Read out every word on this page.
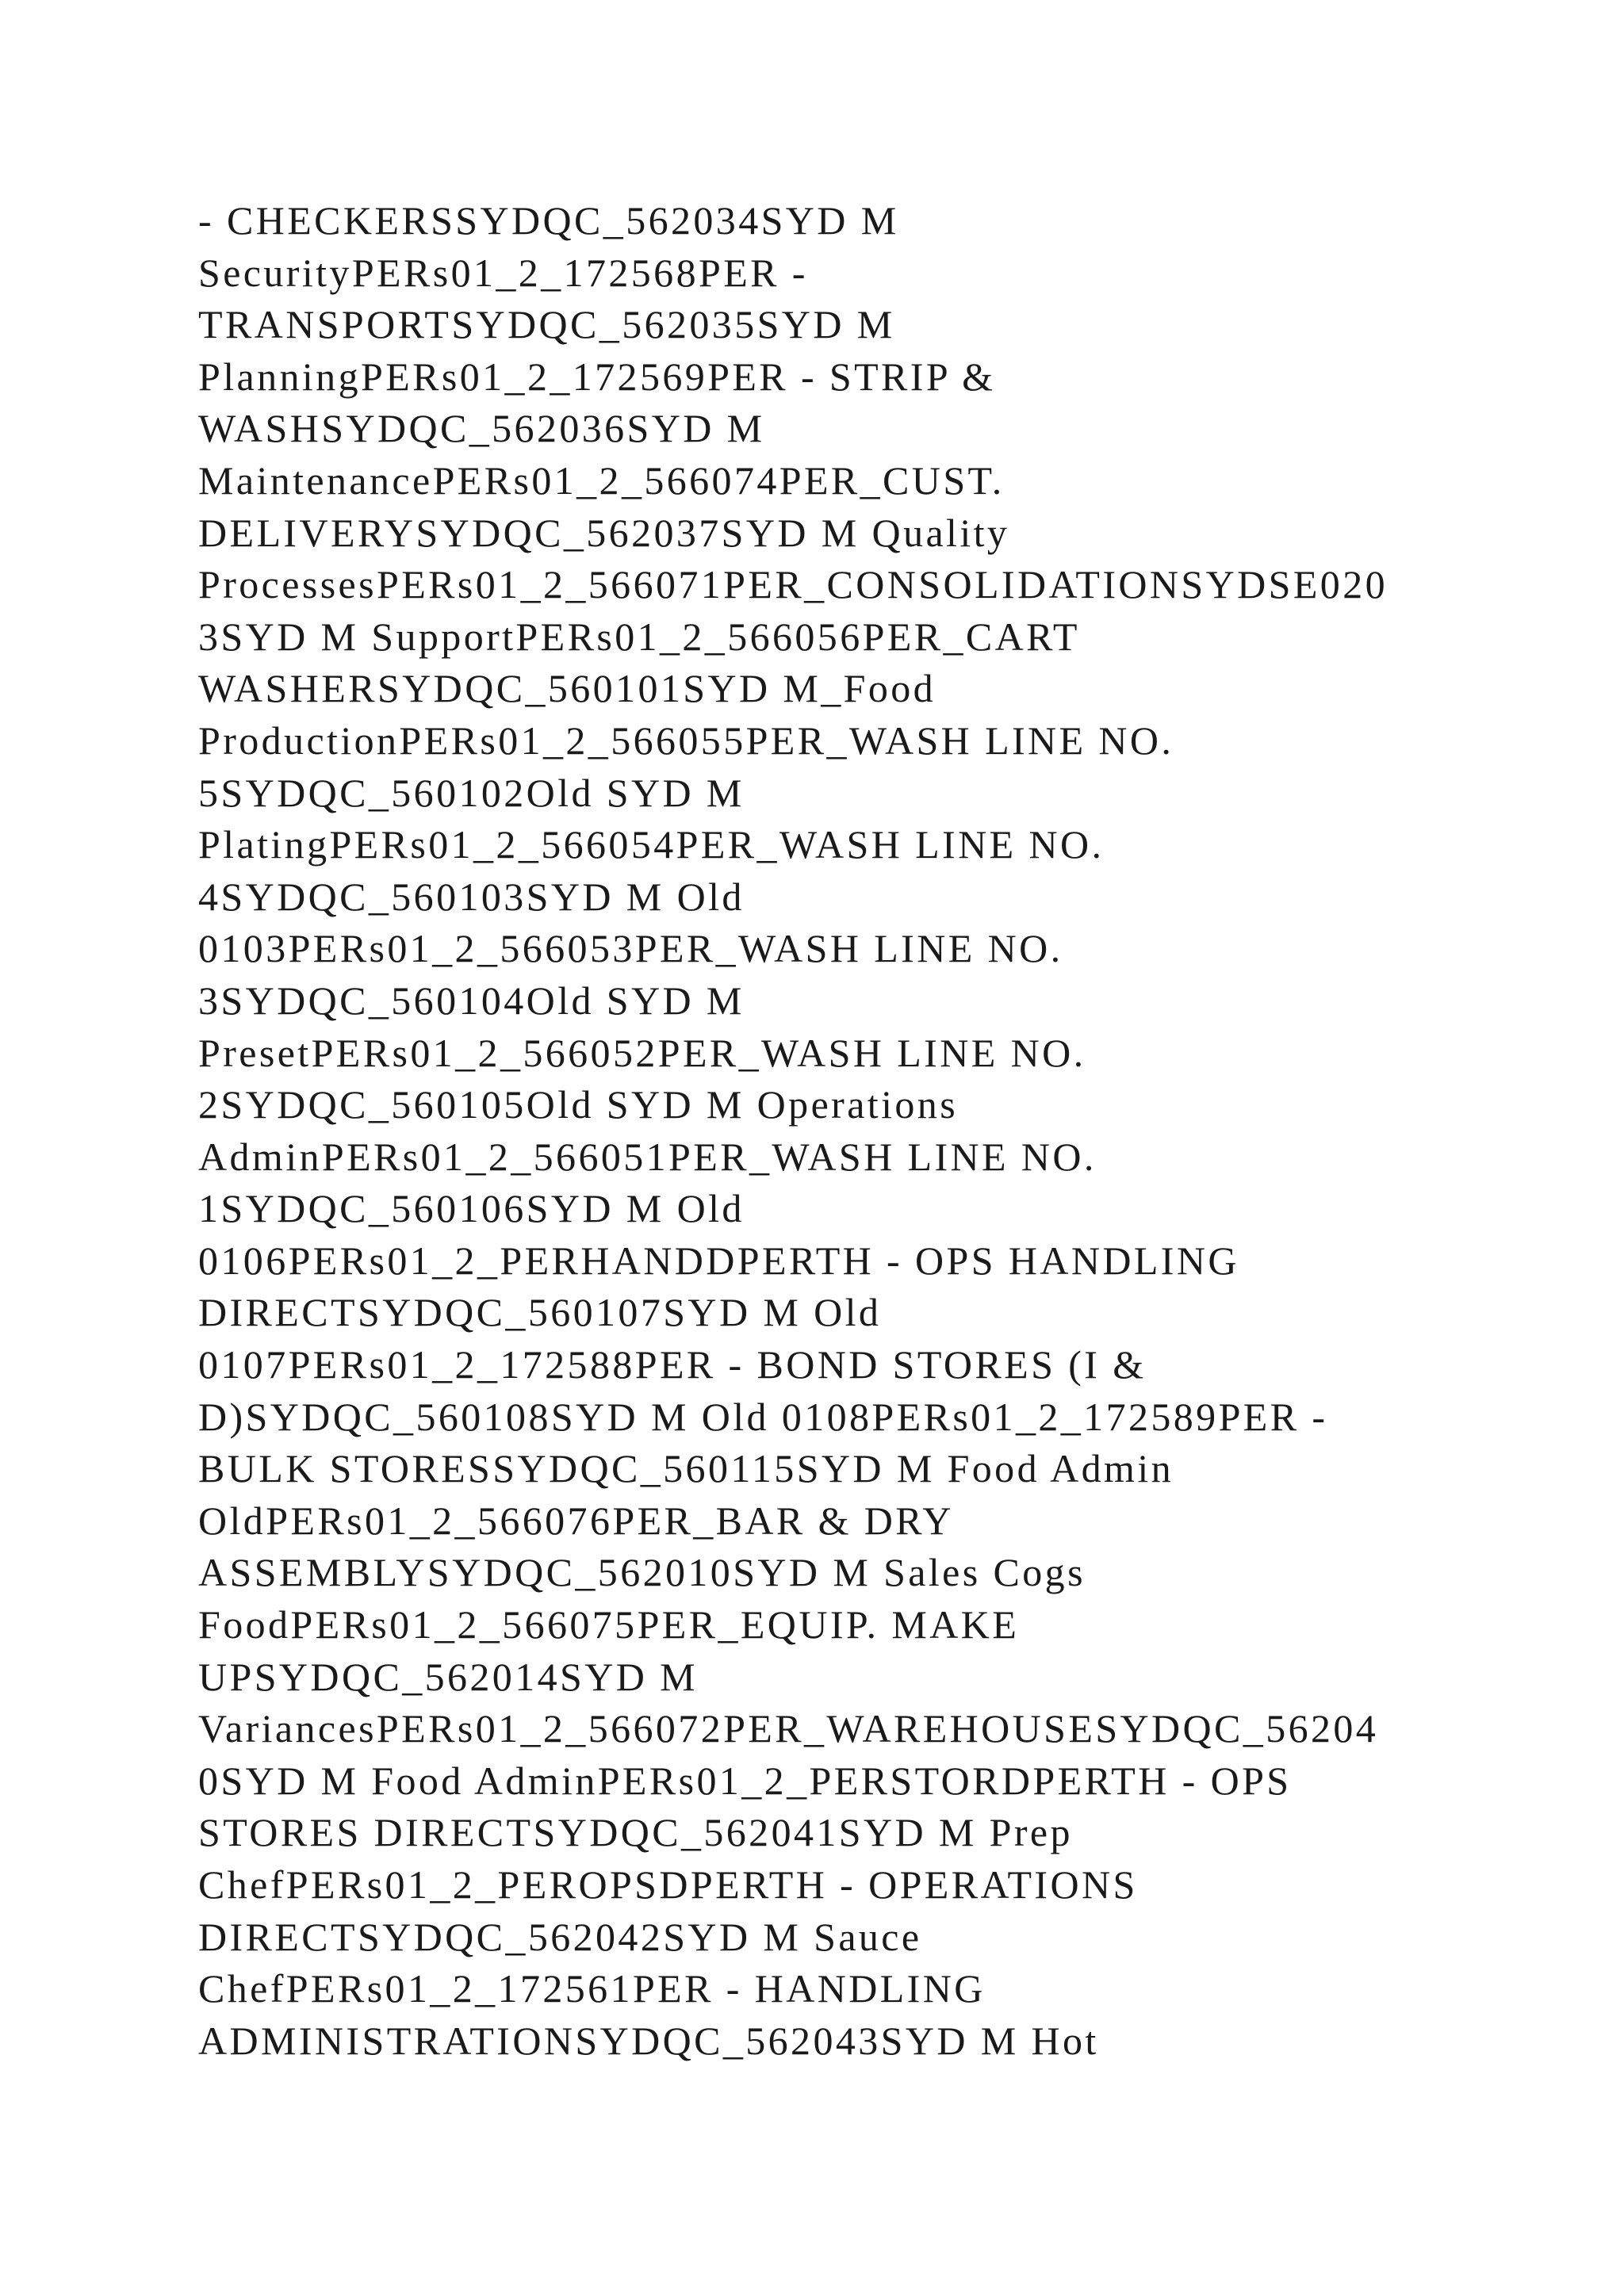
- CHECKERSSYDQC_562034SYD M
SecurityPERs01_2_172568PER -
TRANSPORTSYDQC_562035SYD M
PlanningPERs01_2_172569PER - STRIP &
WASHSYDQC_562036SYD M
MaintenancePERs01_2_566074PER_CUST.
DELIVERYSYDQC_562037SYD M Quality
ProcessesPERs01_2_566071PER_CONSOLIDATIONSYDSE020
3SYD M SupportPERs01_2_566056PER_CART
WASHERSYDQC_560101SYD M_Food
ProductionPERs01_2_566055PER_WASH LINE NO.
5SYDQC_560102Old SYD M
PlatingPERs01_2_566054PER_WASH LINE NO.
4SYDQC_560103SYD M Old
0103PERs01_2_566053PER_WASH LINE NO.
3SYDQC_560104Old SYD M
PresetPERs01_2_566052PER_WASH LINE NO.
2SYDQC_560105Old SYD M Operations
AdminPERs01_2_566051PER_WASH LINE NO.
1SYDQC_560106SYD M Old
0106PERs01_2_PERHANDDPERTH - OPS HANDLING
DIRECTSYDQC_560107SYD M Old
0107PERs01_2_172588PER - BOND STORES (I &
D)SYDQC_560108SYD M Old 0108PERs01_2_172589PER -
BULK STORESSYDQC_560115SYD M Food Admin
OldPERs01_2_566076PER_BAR & DRY
ASSEMBLYSYDQC_562010SYD M Sales Cogs
FoodPERs01_2_566075PER_EQUIP. MAKE
UPSYDQC_562014SYD M
VariancesPERs01_2_566072PER_WAREHOUSESYDQC_56204
0SYD M Food AdminPERs01_2_PERSTORDPERTH - OPS
STORES DIRECTSYDQC_562041SYD M Prep
ChefPERs01_2_PEROPSDPERTH - OPERATIONS
DIRECTSYDQC_562042SYD M Sauce
ChefPERs01_2_172561PER - HANDLING
ADMINISTRATIONSYDQC_562043SYD M Hot
